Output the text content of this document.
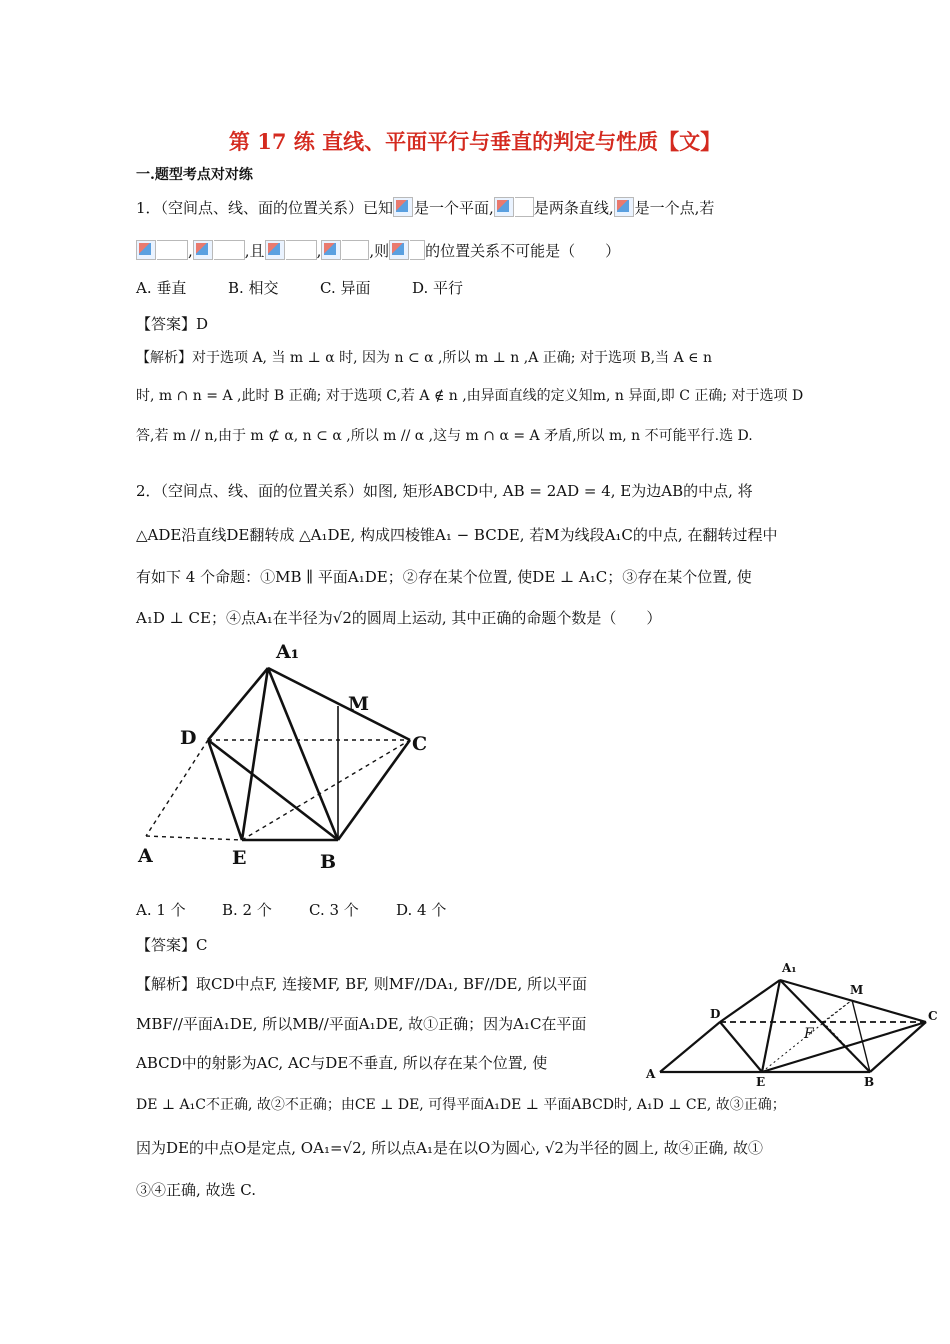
第 17 练 直线、平面平行与垂直的判定与性质【文】
一.题型考点对对练
1．（空间点、线、面的位置关系）已知 是一个平面,	是两条直线, 是一个点,若
,	,且	,	,则 的位置关系不可能是（　　）
A. 垂直	B. 相交	C. 异面	D. 平行
【答案】D
【解析】对于选项 A, 当 m ⊥ α 时, 因为 n ⊂ α ,所以 m ⊥ n ,A 正确; 对于选项 B,当 A ∈ n
时, m ∩ n = A ,此时 B 正确; 对于选项 C,若 A ∉ n ,由异面直线的定义知m, n 异面,即 C 正确; 对于选项 D
答,若 m // n,由于 m ⊄ α, n ⊂ α ,所以 m // α ,这与 m ∩ α = A 矛盾,所以 m, n 不可能平行.选 D.
2．（空间点、线、面的位置关系）如图, 矩形ABCD中, AB = 2AD = 4, E为边AB的中点, 将
△ADE沿直线DE翻转成 △A₁DE, 构成四棱锥A₁ − BCDE, 若M为线段A₁C的中点, 在翻转过程中
有如下 4 个命题：①MB ∥ 平面A₁DE；②存在某个位置, 使DE ⊥ A₁C；③存在某个位置, 使
A₁D ⊥ CE；④点A₁在半径为√2的圆周上运动, 其中正确的命题个数是（　　）
A₁
M
D	C
A	E	B
A. 1 个 B. 2 个 C. 3 个 D. 4 个
【答案】C
【解析】取CD中点F, 连接MF, BF, 则MF//DA₁, BF//DE, 所以平面
MBF//平面A₁DE, 所以MB//平面A₁DE, 故①正确；因为A₁C在平面
ABCD中的射影为AC, AC与DE不垂直, 所以存在某个位置, 使
DE ⊥ A₁C不正确, 故②不正确；由CE ⊥ DE, 可得平面A₁DE ⊥ 平面ABCD时, A₁D ⊥ CE, 故③正确；
因为DE的中点O是定点, OA₁=√2, 所以点A₁是在以O为圆心, √2为半径的圆上, 故④正确, 故①
③④正确, 故选 C.
A₁
M
D
F
C
A
E	B
